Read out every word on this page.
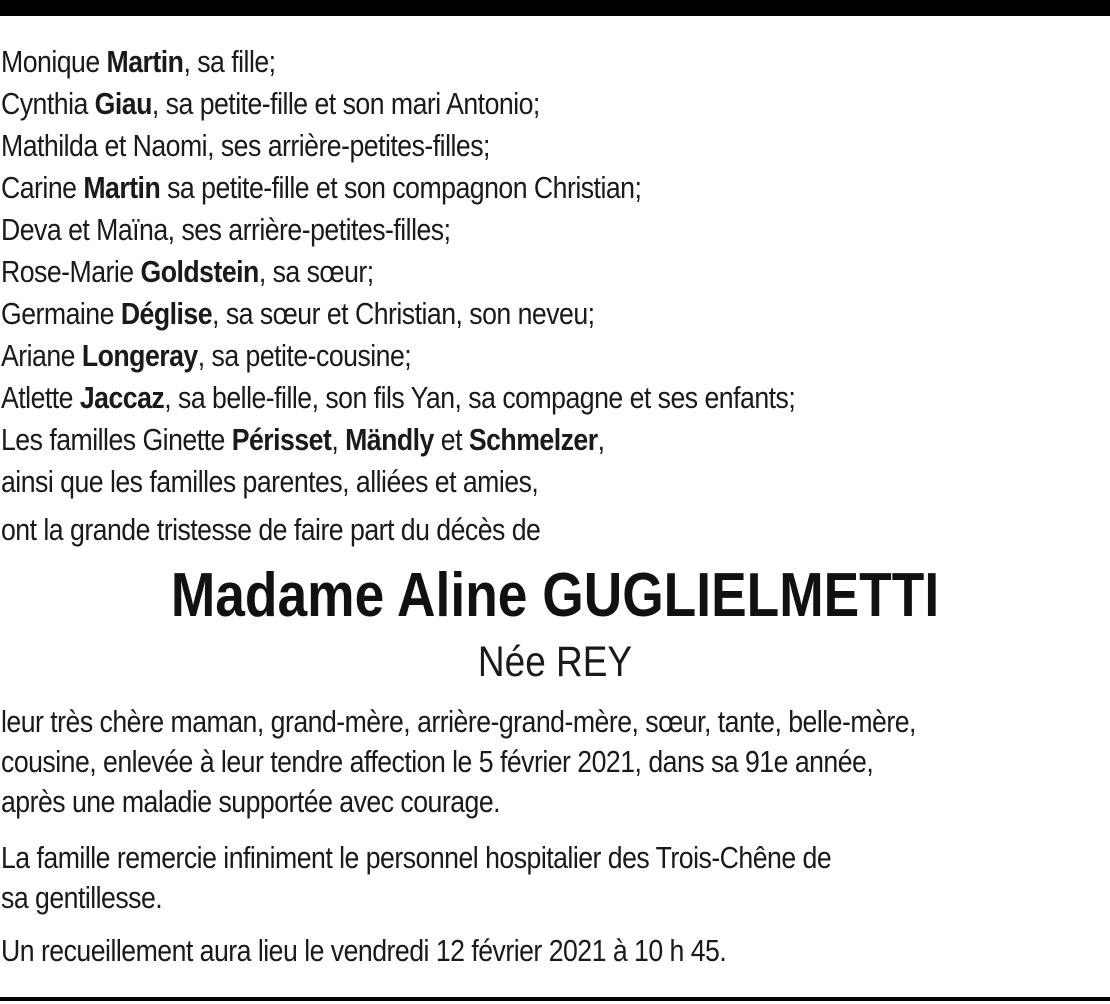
Monique Martin, sa fille;
Cynthia Giau, sa petite-fille et son mari Antonio;
Mathilda et Naomi, ses arrière-petites-filles;
Carine Martin sa petite-fille et son compagnon Christian;
Deva et Maïna, ses arrière-petites-filles;
Rose-Marie Goldstein, sa sœur;
Germaine Déglise, sa sœur et Christian, son neveu;
Ariane Longeray, sa petite-cousine;
Atlette Jaccaz, sa belle-fille, son fils Yan, sa compagne et ses enfants;
Les familles Ginette Périsset, Mändly et Schmelzer,
ainsi que les familles parentes, alliées et amies,
ont la grande tristesse de faire part du décès de
Madame Aline GUGLIELMETTI
Née REY
leur très chère maman, grand-mère, arrière-grand-mère, sœur, tante, belle-mère,
cousine, enlevée à leur tendre affection le 5 février 2021, dans sa 91e année,
après une maladie supportée avec courage.
La famille remercie infiniment le personnel hospitalier des Trois-Chêne de
sa gentillesse.
Un recueillement aura lieu le vendredi 12 février 2021 à 10 h 45.
